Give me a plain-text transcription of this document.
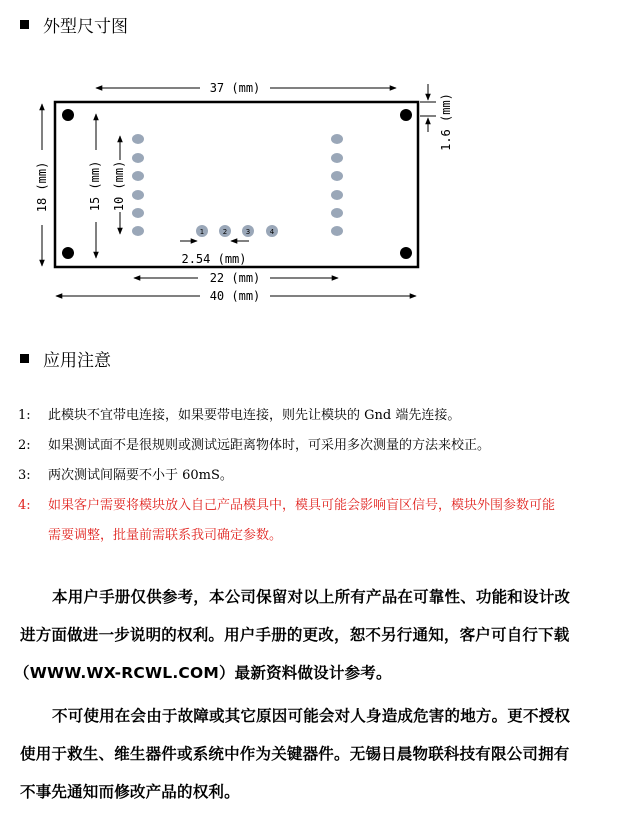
外型尺寸图
1	2	3	4
37 (mm)
18 (mm)	15 (mm) 10 (mm)
1.6 (mm)
2.54 (mm)
22 (mm)
40 (mm)
应用注意
1: 此模块不宜带电连接，如果要带电连接，则先让模块的 Gnd 端先连接。
2: 如果测试面不是很规则或测试远距离物体时，可采用多次测量的方法来校正。
3: 两次测试间隔要不小于 60mS。
4: 如果客户需要将模块放入自己产品模具中，模具可能会影响盲区信号，模块外围参数可能
需要调整，批量前需联系我司确定参数。
本用户手册仅供参考，本公司保留对以上所有产品在可靠性、功能和设计改
进方面做进一步说明的权利。用户手册的更改，恕不另行通知，客户可自行下载
（WWW.WX-RCWL.COM）最新资料做设计参考。
不可使用在会由于故障或其它原因可能会对人身造成危害的地方。更不授权
使用于救生、维生器件或系统中作为关键器件。无锡日晨物联科技有限公司拥有
不事先通知而修改产品的权利。
